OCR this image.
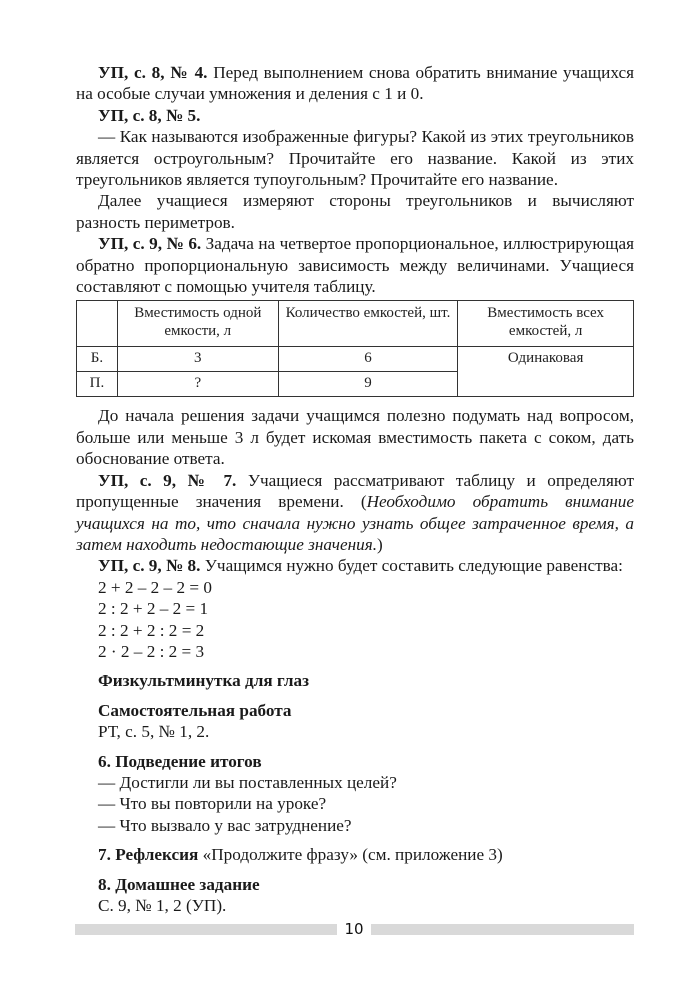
УП, с. 8, № 4. Перед выполнением снова обратить внимание учащихся на особые случаи умножения и деления с 1 и 0.

УП, с. 8, № 5.

— Как называются изображенные фигуры? Какой из этих треугольников является остроугольным? Прочитайте его название. Какой из этих треугольников является тупоугольным? Прочитайте его название.

Далее учащиеся измеряют стороны треугольников и вычисляют разность периметров.

УП, с. 9, № 6. Задача на четвертое пропорциональное, иллюстрирующая обратно пропорциональную зависимость между величинами. Учащиеся составляют с помощью учителя таблицу.

	Вместимость одной емкости, л	Количество емкостей, шт.	Вместимость всех емкостей, л
Б.	3	6	Одинаковая
П.	?	9	

До начала решения задачи учащимся полезно подумать над вопросом, больше или меньше 3 л будет искомая вместимость пакета с соком, дать обоснование ответа.

УП, с. 9, № 7. Учащиеся рассматривают таблицу и определяют пропущенные значения времени. (Необходимо обратить внимание учащихся на то, что сначала нужно узнать общее затраченное время, а затем находить недостающие значения.)

УП, с. 9, № 8. Учащимся нужно будет составить следующие равенства:

2 + 2 – 2 – 2 = 0

2 : 2 + 2 – 2 = 1

2 : 2 + 2 : 2 = 2

2 · 2 – 2 : 2 = 3

Физкультминутка для глаз

Самостоятельная работа

РТ, с. 5, № 1, 2.

6. Подведение итогов

— Достигли ли вы поставленных целей?

— Что вы повторили на уроке?

— Что вызвало у вас затруднение?

7. Рефлексия «Продолжите фразу» (см. приложение 3)

8. Домашнее задание

С. 9, № 1, 2 (УП).

10
